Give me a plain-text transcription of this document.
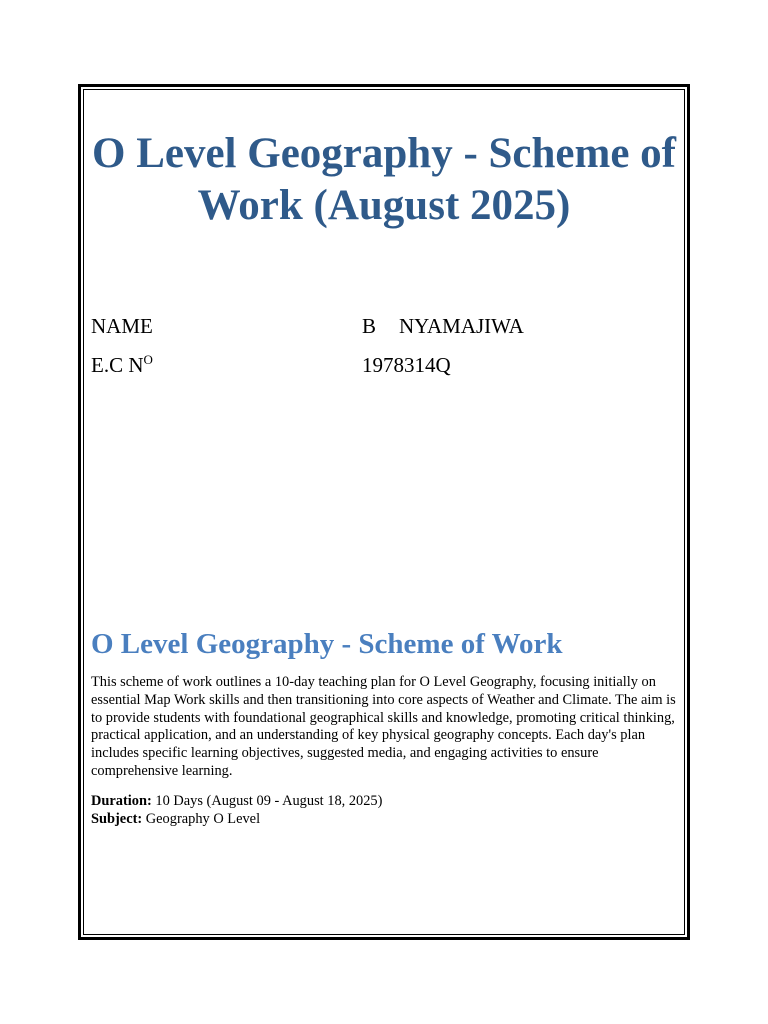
O Level Geography - Scheme of Work (August 2025)
NAME	B NYAMAJIWA
E.C $N^O$	1978314Q
O Level Geography - Scheme of Work

This scheme of work outlines a 10-day teaching plan for O Level Geography, focusing initially on essential Map Work skills and then transitioning into core aspects of Weather and Climate. The aim is to provide students with foundational geographical skills and knowledge, promoting critical thinking, practical application, and an understanding of key physical geography concepts. Each day's plan includes specific learning objectives, suggested media, and engaging activities to ensure comprehensive learning.

Duration: 10 Days (August 09 - August 18, 2025)
Subject: Geography O Level
